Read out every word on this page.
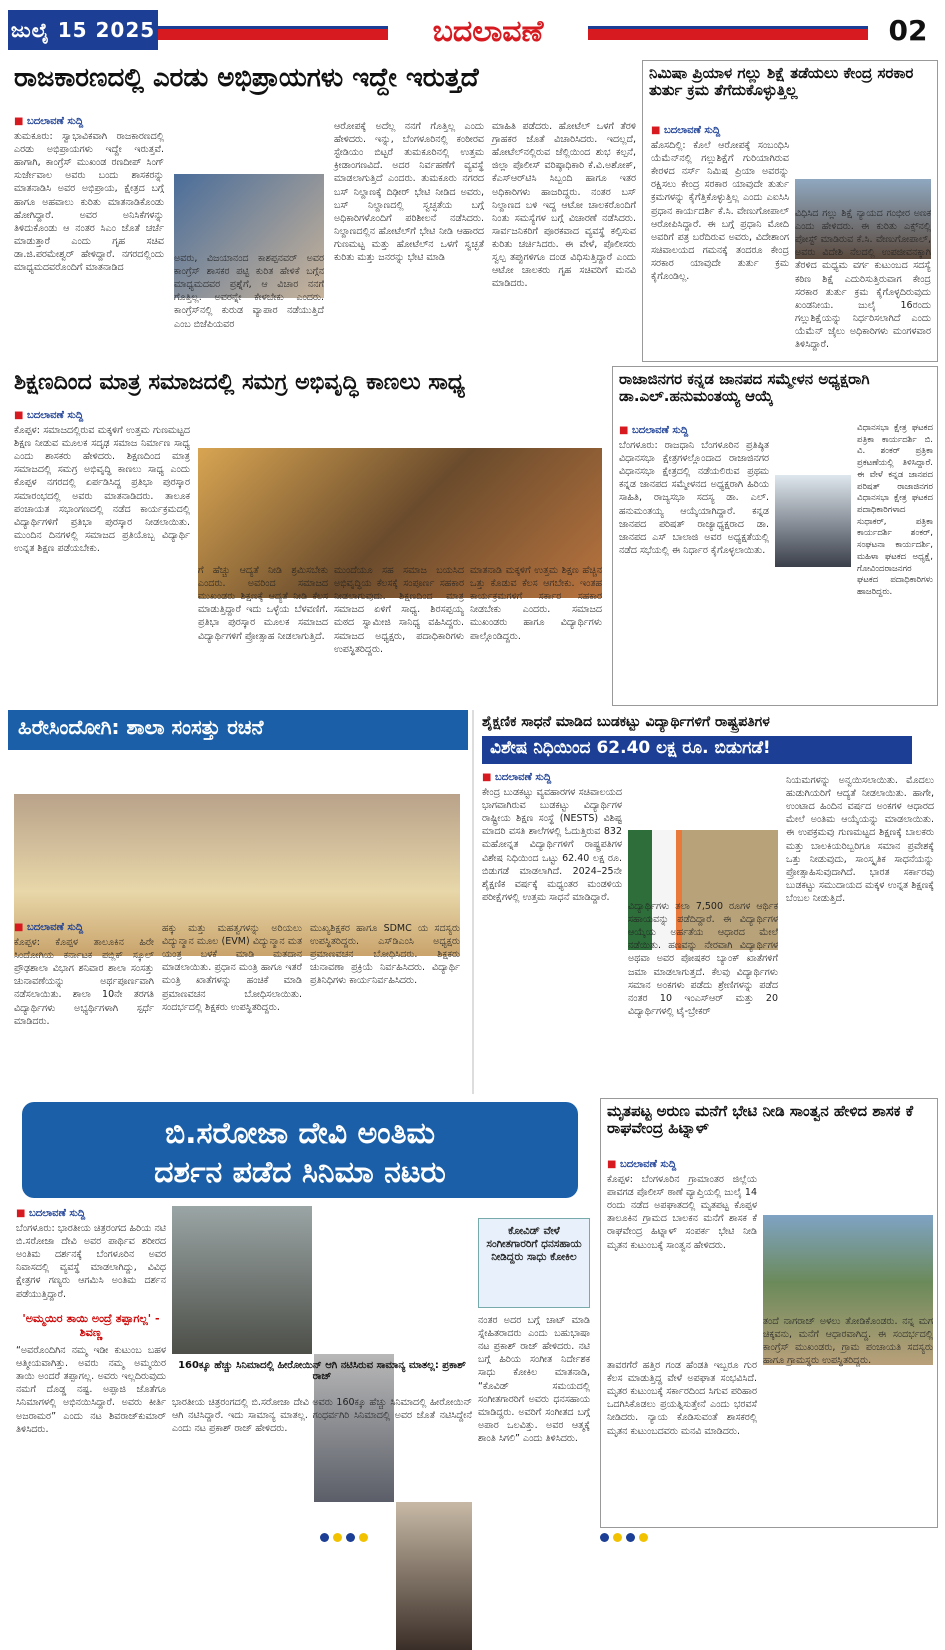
ಜುಲೈ 15 2025	ಬದಲಾವಣೆ	02
ರಾಜಕಾರಣದಲ್ಲಿ ಎರಡು ಅಭಿಪ್ರಾಯಗಳು ಇದ್ದೇ ಇರುತ್ತದೆ
■ ಬದಲಾವಣೆ ಸುದ್ದಿ
ತುಮಕೂರು: ಸ್ವಾಭಾವಿಕವಾಗಿ ರಾಜಕಾರಣದಲ್ಲಿ ಎರಡು ಅಭಿಪ್ರಾಯಗಳು ಇದ್ದೇ ಇರುತ್ತವೆ. ಹಾಗಾಗಿ, ಕಾಂಗ್ರೆಸ್ ಮುಖಂಡ ರಣದೀಪ್ ಸಿಂಗ್ ಸುರ್ಜೇವಾಲ ಅವರು ಬಂದು ಶಾಸಕರನ್ನು ಮಾತನಾಡಿಸಿ ಅವರ ಅಭಿಪ್ರಾಯ, ಕ್ಷೇತ್ರದ ಬಗ್ಗೆ ಹಾಗೂ ಅಹವಾಲು ಕುರಿತು ಮಾತನಾಡಿಕೊಂಡು ಹೋಗಿದ್ದಾರೆ. ಅವರ ಅನಿಸಿಕೆಗಳನ್ನು ತಿಳಿದುಕೊಂಡು ಆ ನಂತರ ಸಿಎಂ ಜೊತೆ ಚರ್ಚೆ ಮಾಡುತ್ತಾರೆ ಎಂದು ಗೃಹ ಸಚಿವ ಡಾ.ಜಿ.ಪರಮೇಶ್ವರ್ ಹೇಳಿದ್ದಾರೆ. ನಗರದಲ್ಲಿಂದು ಮಾಧ್ಯಮದವರೊಂದಿಗೆ ಮಾತನಾಡಿದ
ಅವರು, ವಿಜಯಾನಂದ ಕಾಶಪ್ಪನವರ್ ಅವರ ಕಾಂಗ್ರೆಸ್ ಶಾಸಕರ ಪಟ್ಟಿ ಕುರಿತ ಹೇಳಿಕೆ ಬಗ್ಗೆನ ಮಾಧ್ಯಮದವರ ಪ್ರಶ್ನೆಗೆ, ಆ ವಿಚಾರ ನನಗೆ ಗೊತ್ತಿಲ್ಲ. ಅವರನ್ನೇ ಕೇಳಬೇಕು ಎಂದರು. ಕಾಂಗ್ರೆಸ್‌ನಲ್ಲಿ ಕುರುಡ ವ್ಯಾಪಾರ ನಡೆಯುತ್ತಿದೆ ಎಂಬ ಬಿಜೆಪಿಯವರ
ಆರೋಪಕ್ಕೆ ಅದೆಲ್ಲ ನನಗೆ ಗೊತ್ತಿಲ್ಲ ಎಂದು ಹೇಳಿದರು. ಇನ್ನು, ಬೆಂಗಳೂರಿನಲ್ಲಿ ಕಂಠೀರವ ಸ್ಟೇಡಿಯಂ ಬಿಟ್ಟರೆ ತುಮಕೂರಿನಲ್ಲಿ ಉತ್ತಮ ಕ್ರೀಡಾಂಗಣವಿದೆ. ಅದರ ನಿರ್ವಹಣೆಗೆ ವ್ಯವಸ್ಥೆ ಮಾಡಲಾಗುತ್ತಿದೆ ಎಂದರು. ತುಮಕೂರು ನಗರದ ಬಸ್ ನಿಲ್ದಾಣಕ್ಕೆ ದಿಢೀರ್ ಭೇಟಿ ನೀಡಿದ ಅವರು, ಬಸ್ ನಿಲ್ದಾಣದಲ್ಲಿ ಸ್ವಚ್ಛತೆಯ ಬಗ್ಗೆ ಅಧಿಕಾರಿಗಳೊಂದಿಗೆ ಪರಿಶೀಲನೆ ನಡೆಸಿದರು. ನಿಲ್ದಾಣದಲ್ಲಿನ ಹೋಟೆಲ್‌ಗೆ ಭೇಟಿ ನೀಡಿ ಆಹಾರದ ಗುಣಮಟ್ಟ ಮತ್ತು ಹೋಟೆಲ್‌ನ ಒಳಗೆ ಸ್ವಚ್ಛತೆ ಕುರಿತು ಮತ್ತು ಜನರನ್ನು ಭೇಟಿ ಮಾಡಿ
ಮಾಹಿತಿ ಪಡೆದರು. ಹೋಟೆಲ್ ಒಳಗೆ ತೆರಳಿ ಗ್ರಾಹಕರ ಜೊತೆ ವಿಚಾರಿಸಿದರು. ಇದಲ್ಲದೆ, ಹೋಟೆಲ್‌ನಲ್ಲಿರುವ ಜೆಲ್ಲಿಯಿಂದ ಶುಭ ಕಲ್ಪನೆ, ಜಿಲ್ಲಾ ಪೊಲೀಸ್ ವರಿಷ್ಠಾಧಿಕಾರಿ ಕೆ.ವಿ.ಅಶೋಕ್, ಕೆಎಸ್‌ಆರ್‌ಟಿಸಿ ಸಿಬ್ಬಂದಿ ಹಾಗೂ ಇತರ ಅಧಿಕಾರಿಗಳು ಹಾಜರಿದ್ದರು. ನಂತರ ಬಸ್ ನಿಲ್ದಾಣದ ಬಳಿ ಇದ್ದ ಆಟೋ ಚಾಲಕರೊಂದಿಗೆ ನಿಂತು ಸಮಸ್ಯೆಗಳ ಬಗ್ಗೆ ವಿಚಾರಣೆ ನಡೆಸಿದರು. ಸಾರ್ವಜನಿಕರಿಗೆ ಪೂರಕವಾದ ವ್ಯವಸ್ಥೆ ಕಲ್ಪಿಸುವ ಕುರಿತು ಚರ್ಚಿಸಿದರು. ಈ ವೇಳೆ, ಪೊಲೀಸರು ಸ್ವಲ್ಪ ತಪ್ಪುಗಳಿಗೂ ದಂಡ ವಿಧಿಸುತ್ತಿದ್ದಾರೆ ಎಂದು ಆಟೋ ಚಾಲಕರು ಗೃಹ ಸಚಿವರಿಗೆ ಮನವಿ ಮಾಡಿದರು.
ನಿಮಿಷಾ ಪ್ರಿಯಾಳ ಗಲ್ಲು ಶಿಕ್ಷೆ ತಡೆಯಲು ಕೇಂದ್ರ ಸರಕಾರ ತುರ್ತು ಕ್ರಮ ತೆಗೆದುಕೊಳ್ಳುತ್ತಿಲ್ಲ
■ ಬದಲಾವಣೆ ಸುದ್ದಿ
ಹೊಸದಿಲ್ಲಿ: ಕೊಲೆ ಆರೋಪಕ್ಕೆ ಸಂಬಂಧಿಸಿ ಯೆಮೆನ್‌ನಲ್ಲಿ ಗಲ್ಲುಶಿಕ್ಷೆಗೆ ಗುರಿಯಾಗಿರುವ ಕೇರಳದ ನರ್ಸ್ ನಿಮಿಷ ಪ್ರಿಯಾ ಅವರನ್ನು ರಕ್ಷಿಸಲು ಕೇಂದ್ರ ಸರಕಾರ ಯಾವುದೇ ತುರ್ತು ಕ್ರಮಗಳನ್ನು ಕೈಗೆತ್ತಿಕೊಳ್ಳುತ್ತಿಲ್ಲ ಎಂದು ಎಐಸಿಸಿ ಪ್ರಧಾನ ಕಾರ್ಯದರ್ಶಿ ಕೆ.ಸಿ. ವೇಣುಗೋಪಾಲ್ ಆರೋಪಿಸಿದ್ದಾರೆ. ಈ ಬಗ್ಗೆ ಪ್ರಧಾನಿ ಮೋದಿ ಅವರಿಗೆ ಪತ್ರ ಬರೆದಿರುವ ಅವರು, ವಿದೇಶಾಂಗ ಸಚಿವಾಲಯದ ಗಮನಕ್ಕೆ ತಂದರೂ ಕೇಂದ್ರ ಸರಕಾರ ಯಾವುದೇ ತುರ್ತು ಕ್ರಮ ಕೈಗೊಂಡಿಲ್ಲ.
ವಿಧಿಸಿದ ಗಲ್ಲು ಶಿಕ್ಷೆ ನ್ಯಾಯದ ಗಂಭೀರ ಅಣಕ ಎಂದು ಹೇಳಿದರು. ಈ ಕುರಿತು ಎಕ್ಸ್‌ನಲ್ಲಿ ಪೋಸ್ಟ್ ಮಾಡಿರುವ ಕೆ.ಸಿ. ವೇಣುಗೋಪಾಲ್, ಅವರು ವಿದೇಶಿ ನೆಲದಲ್ಲಿ ಉಪಜೀವನಕ್ಕಾಗಿ ತೆರಳಿದ ಮಧ್ಯಮ ವರ್ಗ ಕುಟುಂಬದ ಸದಸ್ಯೆ ಕಠಿಣ ಶಿಕ್ಷೆ ಎದುರಿಸುತ್ತಿರುವಾಗ ಕೇಂದ್ರ ಸರಕಾರ ತುರ್ತು ಕ್ರಮ ಕೈಗೊಳ್ಳದಿರುವುದು ಖಂಡನೀಯ. ಜುಲೈ 16ರಂದು ಗಲ್ಲುಶಿಕ್ಷೆಯನ್ನು ನಿರ್ಧರಿಸಲಾಗಿದೆ ಎಂದು ಯೆಮೆನ್ ಜೈಲು ಅಧಿಕಾರಿಗಳು ಮಂಗಳವಾರ ತಿಳಿಸಿದ್ದಾರೆ.
ಶಿಕ್ಷಣದಿಂದ ಮಾತ್ರ ಸಮಾಜದಲ್ಲಿ ಸಮಗ್ರ ಅಭಿವೃದ್ಧಿ ಕಾಣಲು ಸಾಧ್ಯ
■ ಬದಲಾವಣೆ ಸುದ್ದಿ
ಕೊಪ್ಪಳ: ಸಮಾಜದಲ್ಲಿರುವ ಮಕ್ಕಳಿಗೆ ಉತ್ತಮ ಗುಣಮಟ್ಟದ ಶಿಕ್ಷಣ ನೀಡುವ ಮೂಲಕ ಸದೃಢ ಸಮಾಜ ನಿರ್ಮಾಣ ಸಾಧ್ಯ ಎಂದು ಶಾಸಕರು ಹೇಳಿದರು. ಶಿಕ್ಷಣದಿಂದ ಮಾತ್ರ ಸಮಾಜದಲ್ಲಿ ಸಮಗ್ರ ಅಭಿವೃದ್ಧಿ ಕಾಣಲು ಸಾಧ್ಯ ಎಂದು ಕೊಪ್ಪಳ ನಗರದಲ್ಲಿ ಏರ್ಪಡಿಸಿದ್ದ ಪ್ರತಿಭಾ ಪುರಸ್ಕಾರ ಸಮಾರಂಭದಲ್ಲಿ ಅವರು ಮಾತನಾಡಿದರು. ತಾಲೂಕ ಪಂಚಾಯತ ಸಭಾಂಗಣದಲ್ಲಿ ನಡೆದ ಕಾರ್ಯಕ್ರಮದಲ್ಲಿ ವಿದ್ಯಾರ್ಥಿಗಳಿಗೆ ಪ್ರತಿಭಾ ಪುರಸ್ಕಾರ ನೀಡಲಾಯಿತು. ಮುಂದಿನ ದಿನಗಳಲ್ಲಿ ಸಮಾಜದ ಪ್ರತಿಯೊಬ್ಬ ವಿದ್ಯಾರ್ಥಿ ಉನ್ನತ ಶಿಕ್ಷಣ ಪಡೆಯಬೇಕು.
ಗೆ ಹೆಚ್ಚು ಆದ್ಯತೆ ನೀಡಿ ಶ್ರಮಿಸಬೇಕು ಎಂದರು. ಅವರಿಂದ ಸಮಾಜದ ಮುಖಂಡರು ಶಿಕ್ಷಣಕ್ಕೆ ಆದ್ಯತೆ ನೀಡಿ ಕೆಲಸ ಮಾಡುತ್ತಿದ್ದಾರೆ ಇದು ಒಳ್ಳೆಯ ಬೆಳವಣಿಗೆ. ಪ್ರತಿಭಾ ಪುರಸ್ಕಾರ ಮೂಲಕ ಸಮಾಜದ ವಿದ್ಯಾರ್ಥಿಗಳಿಗೆ ಪ್ರೋತ್ಸಾಹ ನೀಡಲಾಗುತ್ತಿದೆ.
ಮುಂದೆಯೂ ಸಹ ಸಮಾಜ ಬಯಸಿದ ಅಭಿವೃದ್ಧಿಯ ಕೆಲಸಕ್ಕೆ ಸಂಪೂರ್ಣ ಸಹಕಾರ ನೀಡಲಾಗುವುದು. ಶಿಕ್ಷಣದಿಂದ ಮಾತ್ರ ಸಮಾಜದ ಏಳಿಗೆ ಸಾಧ್ಯ. ಶಿರಸಪ್ಪಯ್ಯ ಮಠದ ಸ್ವಾಮೀಜಿ ಸಾನಿಧ್ಯ ವಹಿಸಿದ್ದರು. ಸಮಾಜದ ಅಧ್ಯಕ್ಷರು, ಪದಾಧಿಕಾರಿಗಳು ಉಪಸ್ಥಿತರಿದ್ದರು.
ಮಾತನಾಡಿ ಮಕ್ಕಳಿಗೆ ಉತ್ತಮ ಶಿಕ್ಷಣ ಹೆಚ್ಚಿನ ಒತ್ತು ಕೊಡುವ ಕೆಲಸ ಆಗಬೇಕು. ಇಂತಹ ಕಾರ್ಯಕ್ರಮಗಳಿಗೆ ಸರ್ಕಾರ ಸಹಕಾರ ನೀಡಬೇಕು ಎಂದರು. ಸಮಾಜದ ಮುಖಂಡರು ಹಾಗೂ ವಿದ್ಯಾರ್ಥಿಗಳು ಪಾಲ್ಗೊಂಡಿದ್ದರು.
ರಾಜಾಜಿನಗರ ಕನ್ನಡ ಜಾನಪದ ಸಮ್ಮೇಳನ ಅಧ್ಯಕ್ಷರಾಗಿ ಡಾ.ಎಲ್.ಹನುಮಂತಯ್ಯ ಆಯ್ಕೆ
■ ಬದಲಾವಣೆ ಸುದ್ದಿ
ಬೆಂಗಳೂರು: ರಾಜಧಾನಿ ಬೆಂಗಳೂರಿನ ಪ್ರತಿಷ್ಠಿತ ವಿಧಾನಸಭಾ ಕ್ಷೇತ್ರಗಳಲ್ಲೊಂದಾದ ರಾಜಾಜಿನಗರ ವಿಧಾನಸಭಾ ಕ್ಷೇತ್ರದಲ್ಲಿ ನಡೆಯಲಿರುವ ಪ್ರಥಮ ಕನ್ನಡ ಜಾನಪದ ಸಮ್ಮೇಳನದ ಅಧ್ಯಕ್ಷರಾಗಿ ಹಿರಿಯ ಸಾಹಿತಿ, ರಾಜ್ಯಸಭಾ ಸದಸ್ಯ ಡಾ. ಎಲ್. ಹನುಮಂತಯ್ಯ ಆಯ್ಕೆಯಾಗಿದ್ದಾರೆ. ಕನ್ನಡ ಜಾನಪದ ಪರಿಷತ್ ರಾಜ್ಯಾಧ್ಯಕ್ಷರಾದ ಡಾ. ಜಾನಪದ ಎಸ್ ಬಾಲಾಜಿ ಅವರ ಅಧ್ಯಕ್ಷತೆಯಲ್ಲಿ ನಡೆದ ಸಭೆಯಲ್ಲಿ ಈ ನಿರ್ಧಾರ ಕೈಗೊಳ್ಳಲಾಯಿತು.
ವಿಧಾನಸಭಾ ಕ್ಷೇತ್ರ ಘಟಕದ ಪತ್ರಿಕಾ ಕಾರ್ಯದರ್ಶಿ ಬಿ. ವಿ. ಶಂಕರ್ ಪ್ರತ್ರಿಕಾ ಪ್ರಕಟಣೆಯಲ್ಲಿ ತಿಳಿಸಿದ್ದಾರೆ. ಈ ವೇಳೆ ಕನ್ನಡ ಜಾನಪದ ಪರಿಷತ್ ರಾಜಾಜಿನಗರ ವಿಧಾನಸಭಾ ಕ್ಷೇತ್ರ ಘಟಕದ ಪದಾಧಿಕಾರಿಗಳಾದ ಸುಧಾಕರ್, ಪತ್ರಿಕಾ ಕಾರ್ಯದರ್ಶಿ ಶಂಕರ್, ಸಂಘಟನಾ ಕಾರ್ಯದರ್ಶಿ, ಮಹಿಳಾ ಘಟಕದ ಅಧ್ಯಕ್ಷೆ, ಗೋವಿಂದರಾಜನಗರ ಘಟಕದ ಪದಾಧಿಕಾರಿಗಳು ಹಾಜರಿದ್ದರು.
ಹಿರೇಸಿಂದೋಗಿ: ಶಾಲಾ ಸಂಸತ್ತು ರಚನೆ
■ ಬದಲಾವಣೆ ಸುದ್ದಿ
ಕೊಪ್ಪಳ: ಕೊಪ್ಪಳ ತಾಲೂಕಿನ ಹಿರೇ ಸಿಂದೋಗಿಯ ಕರ್ನಾಟಕ ಪಬ್ಲಿಕ್ ಸ್ಕೂಲ್ ಪ್ರೌಢಶಾಲಾ ವಿಭಾಗ ಶನಿವಾರ ಶಾಲಾ ಸಂಸತ್ತು ಚುನಾವಣೆಯನ್ನು ಅರ್ಥಪೂರ್ಣವಾಗಿ ನಡೆಸಲಾಯಿತು. ಶಾಲಾ 10ನೇ ತರಗತಿ ವಿದ್ಯಾರ್ಥಿಗಳು ಅಭ್ಯರ್ಥಿಗಳಾಗಿ ಸ್ಪರ್ಧೆ ಮಾಡಿದರು.
ಹಕ್ಕು ಮತ್ತು ಮಹತ್ವಗಳನ್ನು ಅರಿಯಲು ವಿದ್ಯುನ್ಮಾನ ಮೂಲ (EVM) ವಿದ್ಯುನ್ಮಾನ ಮತ ಯಂತ್ರ ಬಳಕೆ ಮಾಡಿ ಮತದಾನ ಮಾಡಲಾಯಿತು. ಪ್ರಧಾನ ಮಂತ್ರಿ ಹಾಗೂ ಇತರೆ ಮಂತ್ರಿ ಖಾತೆಗಳನ್ನು ಹಂಚಿಕೆ ಮಾಡಿ ಪ್ರಮಾಣವಚನ ಬೋಧಿಸಲಾಯಿತು. ಸಂದರ್ಭದಲ್ಲಿ ಶಿಕ್ಷಕರು ಉಪಸ್ಥಿತರಿದ್ದರು.
ಮುಖ್ಯಶಿಕ್ಷಕರ ಹಾಗೂ SDMC ಯ ಸದಸ್ಯರು ಉಪಸ್ಥಿತರಿದ್ದರು. ಎಸ್‌ಡಿಎಂಸಿ ಅಧ್ಯಕ್ಷರು ಪ್ರಮಾಣವಚನ ಬೋಧಿಸಿದರು. ಶಿಕ್ಷಕರು ಚುನಾವಣಾ ಪ್ರಕ್ರಿಯೆ ನಿರ್ವಹಿಸಿದರು. ವಿದ್ಯಾರ್ಥಿ ಪ್ರತಿನಿಧಿಗಳು ಕಾರ್ಯನಿರ್ವಹಿಸಿದರು.
ಶೈಕ್ಷಣಿಕ ಸಾಧನೆ ಮಾಡಿದ ಬುಡಕಟ್ಟು ವಿದ್ಯಾರ್ಥಿಗಳಿಗೆ ರಾಷ್ಟ್ರಪತಿಗಳ
ವಿಶೇಷ ನಿಧಿಯಿಂದ 62.40 ಲಕ್ಷ ರೂ. ಬಿಡುಗಡೆ!
■ ಬದಲಾವಣೆ ಸುದ್ದಿ
ಕೇಂದ್ರ ಬುಡಕಟ್ಟು ವ್ಯವಹಾರಗಳ ಸಚಿವಾಲಯದ ಭಾಗವಾಗಿರುವ ಬುಡಕಟ್ಟು ವಿದ್ಯಾರ್ಥಿಗಳ ರಾಷ್ಟ್ರೀಯ ಶಿಕ್ಷಣ ಸಂಸ್ಥೆ (NESTS) ವಿಶಿಷ್ಟ ಮಾದರಿ ವಸತಿ ಶಾಲೆಗಳಲ್ಲಿ ಓದುತ್ತಿರುವ 832 ಮಹೋನ್ನತ ವಿದ್ಯಾರ್ಥಿಗಳಿಗೆ ರಾಷ್ಟ್ರಪತಿಗಳ ವಿಶೇಷ ನಿಧಿಯಿಂದ ಒಟ್ಟು 62.40 ಲಕ್ಷ ರೂ. ಬಿಡುಗಡೆ ಮಾಡಲಾಗಿದೆ. 2024–25ನೇ ಶೈಕ್ಷಣಿಕ ವರ್ಷಕ್ಕೆ ಮಧ್ಯಂತರ ಮಂಡಳಿಯ ಪರೀಕ್ಷೆಗಳಲ್ಲಿ ಉತ್ತಮ ಸಾಧನೆ ಮಾಡಿದ್ದಾರೆ.
ವಿದ್ಯಾರ್ಥಿಗಳು ತಲಾ 7,500 ರೂಗಳ ಆರ್ಥಿಕ ಸಹಾಯವನ್ನು ಪಡೆದಿದ್ದಾರೆ. ಈ ವಿದ್ಯಾರ್ಥಿಗಳ ಆಯ್ಕೆಯ ಅರ್ಹತೆಯ ಆಧಾರದ ಮೇಲೆ ನಡೆಯಿತು. ಹಣವನ್ನು ನೇರವಾಗಿ ವಿದ್ಯಾರ್ಥಿಗಳ ಅಥವಾ ಅವರ ಪೋಷಕರ ಬ್ಯಾಂಕ್ ಖಾತೆಗಳಿಗೆ ಜಮಾ ಮಾಡಲಾಗುತ್ತದೆ. ಕೆಲವು ವಿದ್ಯಾರ್ಥಿಗಳು ಸಮಾನ ಅಂಕಗಳು ಪಡೆದು ಶ್ರೇಣಿಗಳನ್ನು ಪಡೆದ ನಂತರ 10 ಇಂಎಸ್‌ಆರ್ ಮತ್ತು 20 ವಿದ್ಯಾರ್ಥಿಗಳಲ್ಲಿ ಟೈ-ಬ್ರೇಕರ್
ನಿಯಮಗಳನ್ನು ಅನ್ವಯಿಸಲಾಯಿತು. ಮೊದಲು ಹುಡುಗಿಯರಿಗೆ ಆದ್ಯತೆ ನೀಡಲಾಯಿತು. ಹಾಗೇ, ಉಂಟಾದ ಹಿಂದಿನ ವರ್ಷದ ಅಂಕಗಳ ಆಧಾರದ ಮೇಲೆ ಅಂತಿಮ ಆಯ್ಕೆಯನ್ನು ಮಾಡಲಾಯಿತು. ಈ ಉಪಕ್ರಮವು ಗುಣಮಟ್ಟದ ಶಿಕ್ಷಣಕ್ಕೆ ಬಾಲಕರು ಮತ್ತು ಬಾಲಕಿಯರಿಬ್ಬರಿಗೂ ಸಮಾನ ಪ್ರವೇಶಕ್ಕೆ ಒತ್ತು ನೀಡುವುದು, ಸಾಂಸ್ಕೃತಿಕ ಸಾಧನೆಯನ್ನು ಪ್ರೋತ್ಸಾಹಿಸುವುದಾಗಿದೆ. ಭಾರತ ಸರ್ಕಾರವು ಬುಡಕಟ್ಟು ಸಮುದಾಯದ ಮಕ್ಕಳ ಉನ್ನತ ಶಿಕ್ಷಣಕ್ಕೆ ಬೆಂಬಲ ನೀಡುತ್ತಿದೆ.
ಬಿ.ಸರೋಜಾ ದೇವಿ ಅಂತಿಮ
ದರ್ಶನ ಪಡೆದ ಸಿನಿಮಾ ನಟರು
■ ಬದಲಾವಣೆ ಸುದ್ದಿ
ಬೆಂಗಳೂರು: ಭಾರತೀಯ ಚಿತ್ರರಂಗದ ಹಿರಿಯ ನಟಿ ಬಿ.ಸರೋಜಾ ದೇವಿ ಅವರ ಪಾರ್ಥಿವ ಶರೀರದ ಅಂತಿಮ ದರ್ಶನಕ್ಕೆ ಬೆಂಗಳೂರಿನ ಅವರ ನಿವಾಸದಲ್ಲಿ ವ್ಯವಸ್ಥೆ ಮಾಡಲಾಗಿದ್ದು, ವಿವಿಧ ಕ್ಷೇತ್ರಗಳ ಗಣ್ಯರು ಆಗಮಿಸಿ ಅಂತಿಮ ದರ್ಶನ ಪಡೆಯುತ್ತಿದ್ದಾರೆ.
'ಅಮ್ಮಯಿರ ತಾಯಿ ಅಂದ್ರೆ ತಪ್ಪಾಗಲ್ಲ' - ಶಿವಣ್ಣ
“ಅವರೊಂದಿಗಿನ ನಮ್ಮ ಇಡೀ ಕುಟುಂಬ ಬಹಳ ಆತ್ಮೀಯವಾಗಿತ್ತು. ಅವರು ನಮ್ಮ ಅಮ್ಮಯಿರ ತಾಯಿ ಅಂದರೆ ತಪ್ಪಾಗಲ್ಲ. ಅವರು ಇಲ್ಲದಿರುವುದು ನಮಗೆ ದೊಡ್ಡ ನಷ್ಟ. ಅಪ್ಪಾಜಿ ಜೊತೆಗೂ ಸಿನಿಮಾಗಳಲ್ಲಿ ಅಭಿನಯಿಸಿದ್ದಾರೆ. ಅವರು ಕೀರ್ತಿ ಅಜರಾಮರ” ಎಂದು ನಟ ಶಿವರಾಜ್‌ಕುಮಾರ್ ತಿಳಿಸಿದರು.
160ಕ್ಕೂ ಹೆಚ್ಚು ಸಿನಿಮಾದಲ್ಲಿ ಹೀರೋಯಿನ್ ಆಗಿ ನಟಿಸಿರುವ ಸಾಮಾನ್ಯ ಮಾತಲ್ಲ: ಪ್ರಕಾಶ್ ರಾಜ್
ಭಾರತೀಯ ಚಿತ್ರರಂಗದಲ್ಲಿ ಬಿ.ಸರೋಜಾ ದೇವಿ ಅವರು 160ಕ್ಕೂ ಹೆಚ್ಚು ಸಿನಿಮಾದಲ್ಲಿ ಹೀರೋಯಿನ್ ಆಗಿ ನಟಿಸಿದ್ದಾರೆ. ಇದು ಸಾಮಾನ್ಯ ಮಾತಲ್ಲ. ಗಂಧರ್ವಗಿರಿ ಸಿನಿಮಾದಲ್ಲಿ ಅವರ ಜೊತೆ ನಟಿಸಿದ್ದೇನೆ ಎಂದು ನಟ ಪ್ರಕಾಶ್ ರಾಜ್ ಹೇಳಿದರು.
ಕೋವಿಡ್ ವೇಳೆ ಸಂಗೀತಗಾರರಿಗೆ ಧನಸಹಾಯ ನೀಡಿದ್ದರು ಸಾಧು ಕೋಕಿಲ
ನಂತರ ಅದರ ಬಗ್ಗೆ ಚಾಟ್ ಮಾಡಿ ಸ್ನೇಹಿತರಾದರು ಎಂದು ಬಹುಭಾಷಾ ನಟ ಪ್ರಕಾಶ್ ರಾಜ್ ಹೇಳಿದರು. ನಟಿ ಬಗ್ಗೆ ಹಿರಿಯ ಸಂಗೀತ ನಿರ್ದೇಶಕ ಸಾಧು ಕೋಕಿಲ ಮಾತನಾಡಿ, “ಕೊವಿಡ್ ಸಮಯದಲ್ಲಿ ಸಂಗೀತಗಾರರಿಗೆ ಅವರು ಧನಸಹಾಯ ಮಾಡಿದ್ದರು. ಅವರಿಗೆ ಸಂಗೀತದ ಬಗ್ಗೆ ಅಪಾರ ಒಲವಿತ್ತು. ಅವರ ಆತ್ಮಕ್ಕೆ ಶಾಂತಿ ಸಿಗಲಿ” ಎಂದು ತಿಳಿಸಿದರು.
ಮೃತಪಟ್ಟ ಅರುಣ ಮನೆಗೆ ಭೇಟಿ ನೀಡಿ ಸಾಂತ್ವನ ಹೇಳಿದ ಶಾಸಕ ಕೆ ರಾಘವೇಂದ್ರ ಹಿಟ್ನಾಳ್
■ ಬದಲಾವಣೆ ಸುದ್ದಿ
ಕೊಪ್ಪಳ: ಬೆಂಗಳೂರಿನ ಗ್ರಾಮಾಂತರ ಜಿಲ್ಲೆಯ ಪಾವಗಡ ಪೊಲೀಸ್ ಠಾಣೆ ವ್ಯಾಪ್ತಿಯಲ್ಲಿ ಜುಲೈ 14 ರಂದು ನಡೆದ ಅಪಘಾತದಲ್ಲಿ ಮೃತಪಟ್ಟ ಕೊಪ್ಪಳ ತಾಲೂಕಿನ ಗ್ರಾಮದ ಬಾಲಕನ ಮನೆಗೆ ಶಾಸಕ ಕೆ ರಾಘವೇಂದ್ರ ಹಿಟ್ನಾಳ್ ಸಂಪರ್ಕ ಭೇಟಿ ನೀಡಿ ಮೃತನ ಕುಟುಂಬಕ್ಕೆ ಸಾಂತ್ವನ ಹೇಳಿದರು.
ತಾವರಗೆರೆ ಹತ್ತಿರ ಗಂಡ ಹೆಂಡತಿ ಇಬ್ಬರೂ ಗುರ ಕೆಲಸ ಮಾಡುತ್ತಿದ್ದ ವೇಳೆ ಅಪಘಾತ ಸಂಭವಿಸಿದೆ. ಮೃತರ ಕುಟುಂಬಕ್ಕೆ ಸರ್ಕಾರದಿಂದ ಸಿಗುವ ಪರಿಹಾರ ಒದಗಿಸಿಕೊಡಲು ಪ್ರಯತ್ನಿಸುತ್ತೇನೆ ಎಂದು ಭರವಸೆ ನೀಡಿದರು. ನ್ಯಾಯ ಕೊಡಿಸುವಂತೆ ಶಾಸಕರಲ್ಲಿ ಮೃತನ ಕುಟುಂಬದವರು ಮನವಿ ಮಾಡಿದರು.
ತಂದೆ ನಾಗರಾಜ್ ಅಳಲು ತೋಡಿಕೊಂಡರು. ನನ್ನ ಮಗ ಚಿಕ್ಕವನು, ಮನೆಗೆ ಆಧಾರವಾಗಿದ್ದ. ಈ ಸಂದರ್ಭದಲ್ಲಿ ಕಾಂಗ್ರೆಸ್ ಮುಖಂಡರು, ಗ್ರಾಮ ಪಂಚಾಯತಿ ಸದಸ್ಯರು ಹಾಗೂ ಗ್ರಾಮಸ್ಥರು ಉಪಸ್ಥಿತರಿದ್ದರು.
